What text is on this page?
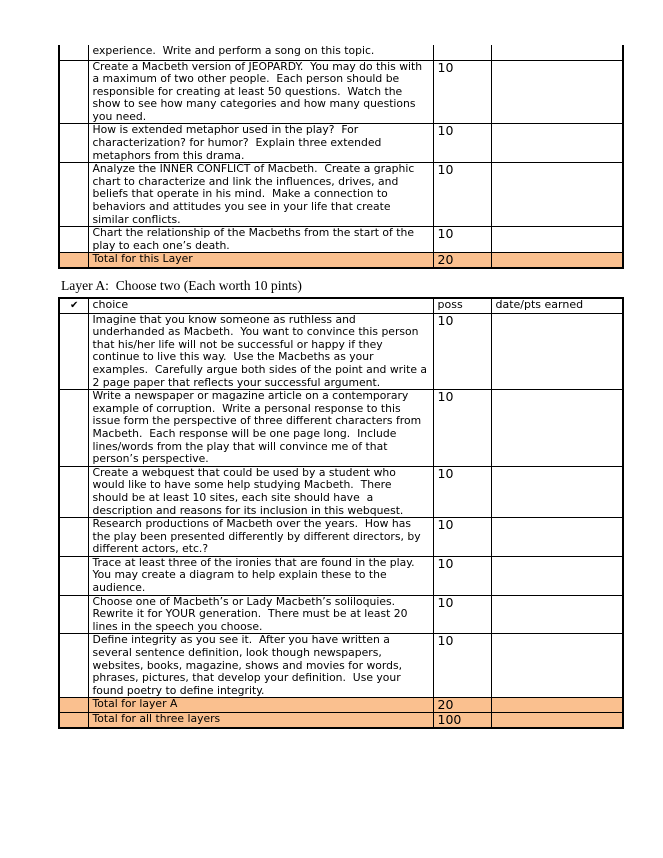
	experience.  Write and perform a song on this topic.		
	Create a Macbeth version of JEOPARDY.  You may do this with a maximum of two other people.  Each person should be responsible for creating at least 50 questions.  Watch the show to see how many categories and how many questions you need.	10	
	How is extended metaphor used in the play?  For characterization? for humor?  Explain three extended metaphors from this drama.	10	
	Analyze the INNER CONFLICT of Macbeth.  Create a graphic chart to characterize and link the influences, drives, and beliefs that operate in his mind.  Make a connection to behaviors and attitudes you see in your life that create similar conflicts.	10	
	Chart the relationship of the Macbeths from the start of the play to each one’s death.	10	
	Total for this Layer	20	
Layer A:  Choose two (Each worth 10 pints)
✔	choice	poss	date/pts earned
	Imagine that you know someone as ruthless and underhanded as Macbeth.  You want to convince this person that his/her life will not be successful or happy if they continue to live this way.  Use the Macbeths as your examples.  Carefully argue both sides of the point and write a 2 page paper that reflects your successful argument.	10	
	Write a newspaper or magazine article on a contemporary example of corruption.  Write a personal response to this issue form the perspective of three different characters from Macbeth.  Each response will be one page long.  Include lines/words from the play that will convince me of that person’s perspective.	10	
	Create a webquest that could be used by a student who would like to have some help studying Macbeth.  There should be at least 10 sites, each site should have  a description and reasons for its inclusion in this webquest.	10	
	Research productions of Macbeth over the years.  How has the play been presented differently by different directors, by different actors, etc.?	10	
	Trace at least three of the ironies that are found in the play. You may create a diagram to help explain these to the audience.	10	
	Choose one of Macbeth’s or Lady Macbeth’s soliloquies. Rewrite it for YOUR generation.  There must be at least 20 lines in the speech you choose.	10	
	Define integrity as you see it.  After you have written a several sentence definition, look though newspapers, websites, books, magazine, shows and movies for words, phrases, pictures, that develop your definition.  Use your found poetry to define integrity.	10	
	Total for layer A	20	
	Total for all three layers	100	
